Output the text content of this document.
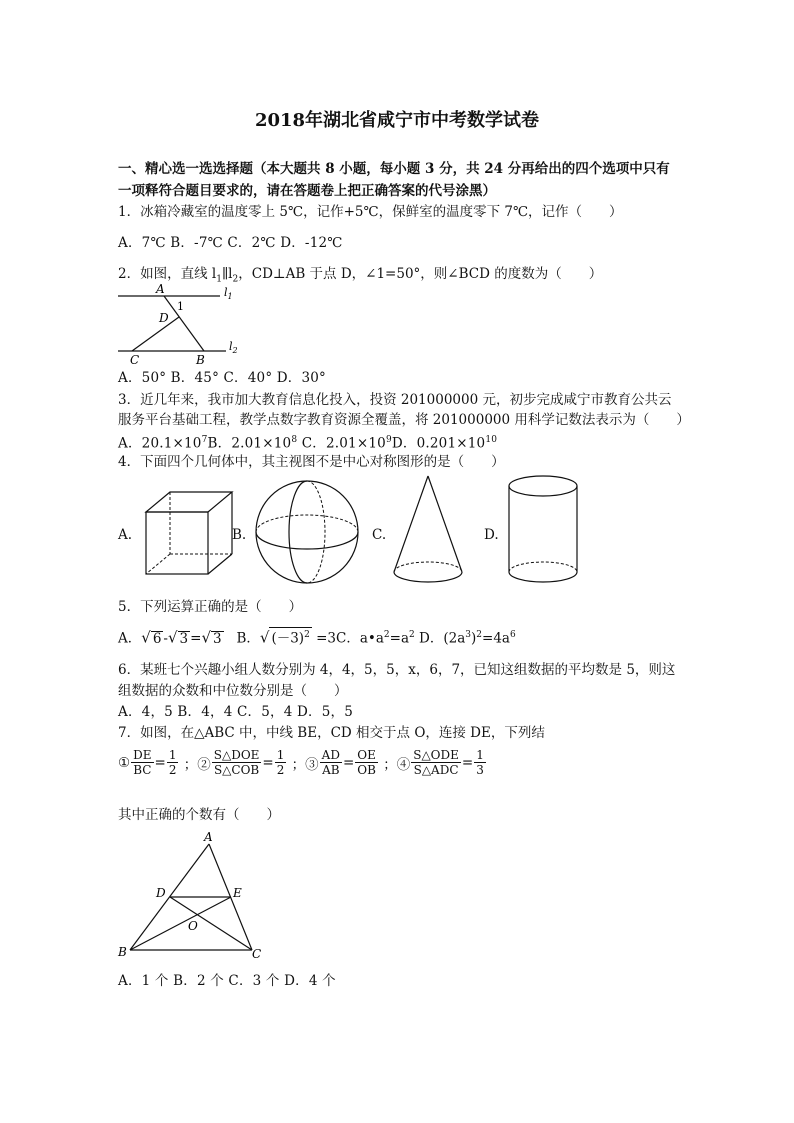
2018年湖北省咸宁市中考数学试卷
一、精心选一选选择题（本大题共 8 小题，每小题 3 分，共 24 分再给出的四个选项中只有
一项释符合题目要求的，请在答题卷上把正确答案的代号涂黑）
1．冰箱冷藏室的温度零上 5℃，记作+5℃，保鲜室的温度零下 7℃，记作（　　）
A．7℃ B．-7℃ C．2℃ D．-12℃
2．如图，直线 $l_1\parallel l_2$，CD⊥AB 于点 D，∠1=50°，则∠BCD 的度数为（　　）
A
1
D
C	B
$l_1$
$l_2$
A．50° B．45° C．40° D．30°
3．近几年来，我市加大教育信息化投入，投资 201000000 元，初步完成咸宁市教育公共云
服务平台基础工程，教学点数字教育资源全覆盖，将 201000000 用科学记数法表示为（　　）
A．$20.1\times 10^7B$．$2.01\times 10^8$ C．$2.01\times 10^9D$．$0.201\times 10^{10}$
4．下面四个几何体中，其主视图不是中心对称图形的是（　　）
A.	B.	C.	D.
5．下列运算正确的是（　　）
A．√ 6 -√ 3 =√ 3 B．√ $(-3)^2 =3C$．$a•a^2=a^2$ D．$(2a^3)^2=4a^6$
6．某班七个兴趣小组人数分别为 4，4，5，5，x，6，7，已知这组数据的平均数是 5，则这
组数据的众数和中位数分别是（　　）
A．4，5 B．4，4 C．5，4 D．5，5
7．如图，在△ABC 中，中线 BE，CD 相交于点 O，连接 DE，下列结
① $\frac{DE}{BC} = \frac{1}{2}$ ；② $\frac{\text{S△DOE}}{\text{S△COB}} = \frac{1}{2}$ ；③ $\frac{AD}{AB} = \frac{OE}{OB}$ ；④ $\frac{\text{S△ODE}}{\text{S△ADC}} = \frac{1}{3}$
其中正确的个数有（　　）
A
D	E
O
B	C
A．1 个 B．2 个 C．3 个 D．4 个
